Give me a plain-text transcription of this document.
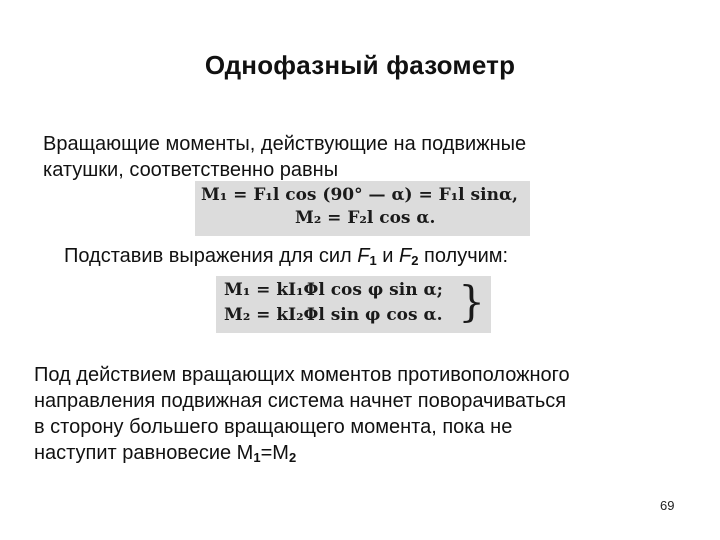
Однофазный фазометр
Вращающие моменты, действующие на подвижные
катушки, соответственно равны
M₁ = F₁l cos (90° — α) = F₁l sinα,
M₂ = F₂l cos α.
Подставив выражения для сил $F_1$ и $F_2$ получим:
M₁ = kI₁Φl cos φ sin α;
M₂ = kI₂Φl sin φ cos α. }
Под действием вращающих моментов противоположного
направления подвижная система начнет поворачиваться
в сторону большего вращающего момента, пока не
наступит равновесие $M_1=M_2$
69
